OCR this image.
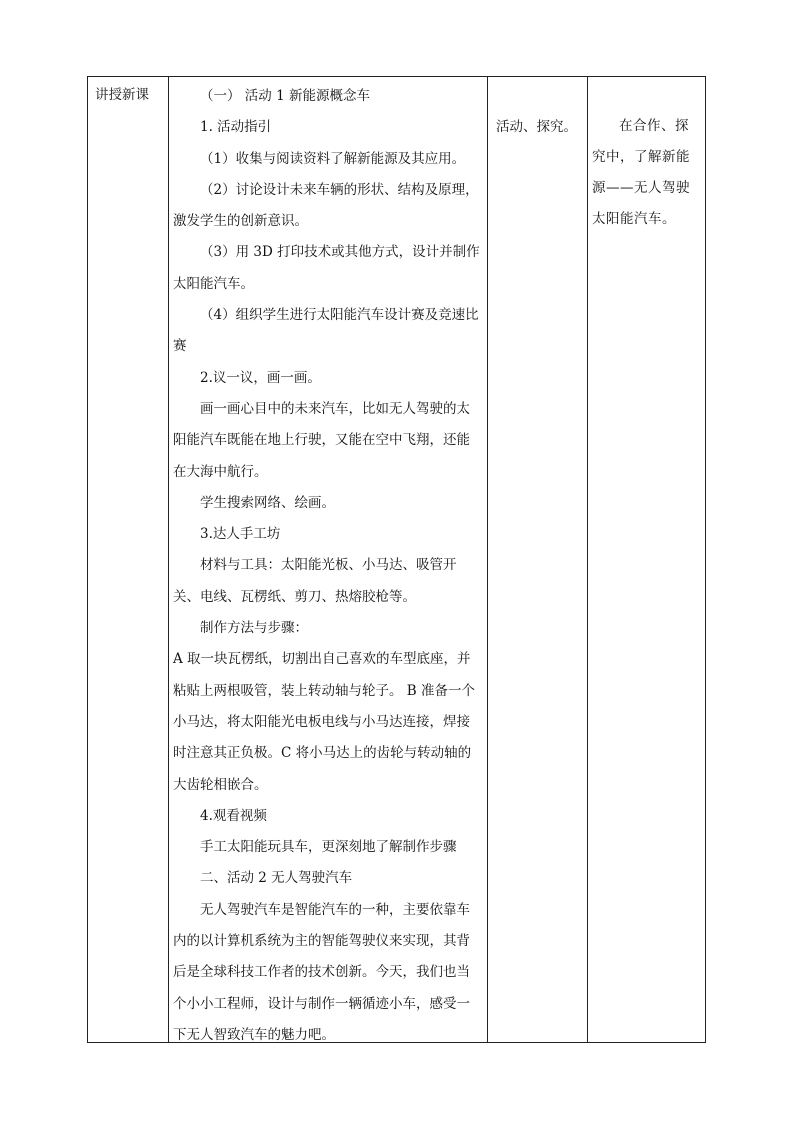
讲授新课	（一） 活动 1 新能源概念车

1. 活动指引

（1）收集与阅读资料了解新能源及其应用。

（2）讨论设计未来车辆的形状、结构及原理，激发学生的创新意识。

（3）用 3D 打印技术或其他方式，设计并制作太阳能汽车。

（4）组织学生进行太阳能汽车设计赛及竞速比赛

2.议一议，画一画。

画一画心目中的未来汽车，比如无人驾驶的太阳能汽车既能在地上行驶，又能在空中飞翔，还能在大海中航行。

学生搜索网络、绘画。

3.达人手工坊

材料与工具：太阳能光板、小马达、吸管开关、电线、瓦楞纸、剪刀、热熔胶枪等。

制作方法与步骤：

A 取一块瓦楞纸，切割出自己喜欢的车型底座，并粘贴上两根吸管，装上转动轴与轮子。 B 准备一个小马达，将太阳能光电板电线与小马达连接，焊接时注意其正负极。C 将小马达上的齿轮与转动轴的大齿轮相嵌合。

4.观看视频

手工太阳能玩具车，更深刻地了解制作步骤

二、活动 2 无人驾驶汽车

无人驾驶汽车是智能汽车的一种，主要依靠车内的以计算机系统为主的智能驾驶仪来实现，其背后是全球科技工作者的技术创新。今天，我们也当个小小工程师，设计与制作一辆循迹小车，感受一下无人智致汽车的魅力吧。

活动、探究。	在合作、探究中，了解新能源——无人驾驶太阳能汽车。
